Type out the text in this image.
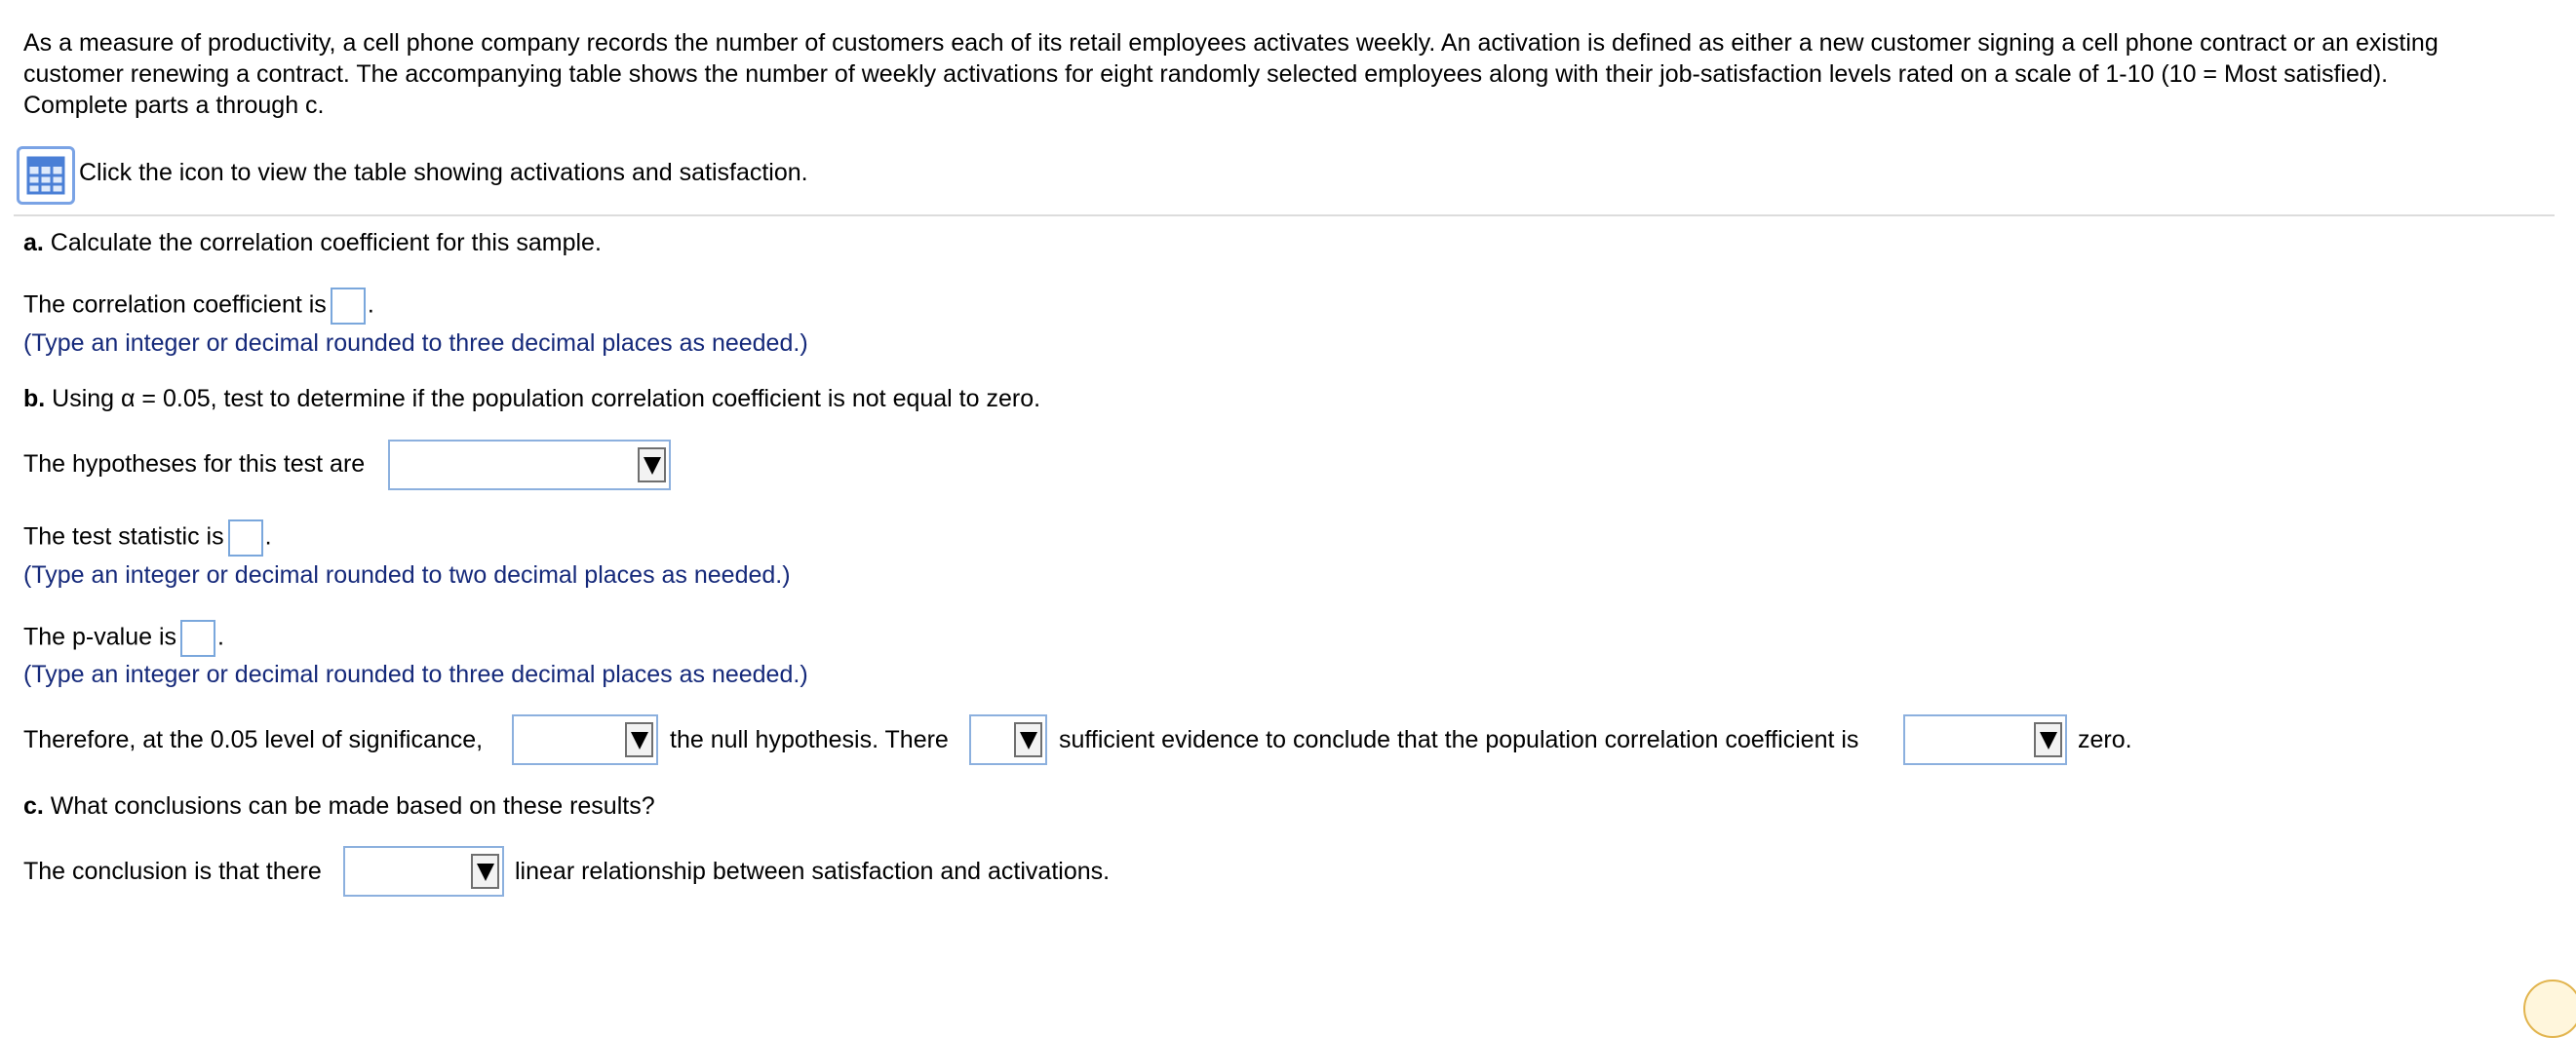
As a measure of productivity, a cell phone company records the number of customers each of its retail employees activates weekly. An activation is defined as either a new customer signing a cell phone contract or an existing
customer renewing a contract. The accompanying table shows the number of weekly activations for eight randomly selected employees along with their job-satisfaction levels rated on a scale of 1-10 (10 = Most satisfied).
Complete parts a through c.
Click the icon to view the table showing activations and satisfaction.
a. Calculate the correlation coefficient for this sample.
The correlation coefficient is .
(Type an integer or decimal rounded to three decimal places as needed.)
b. Using α = 0.05, test to determine if the population correlation coefficient is not equal to zero.
The hypotheses for this test are
The test statistic is .
(Type an integer or decimal rounded to two decimal places as needed.)
The p-value is .
(Type an integer or decimal rounded to three decimal places as needed.)
Therefore, at the 0.05 level of significance,	the null hypothesis. There	sufficient evidence to conclude that the population correlation coefficient is	zero.
c. What conclusions can be made based on these results?
The conclusion is that there	linear relationship between satisfaction and activations.
